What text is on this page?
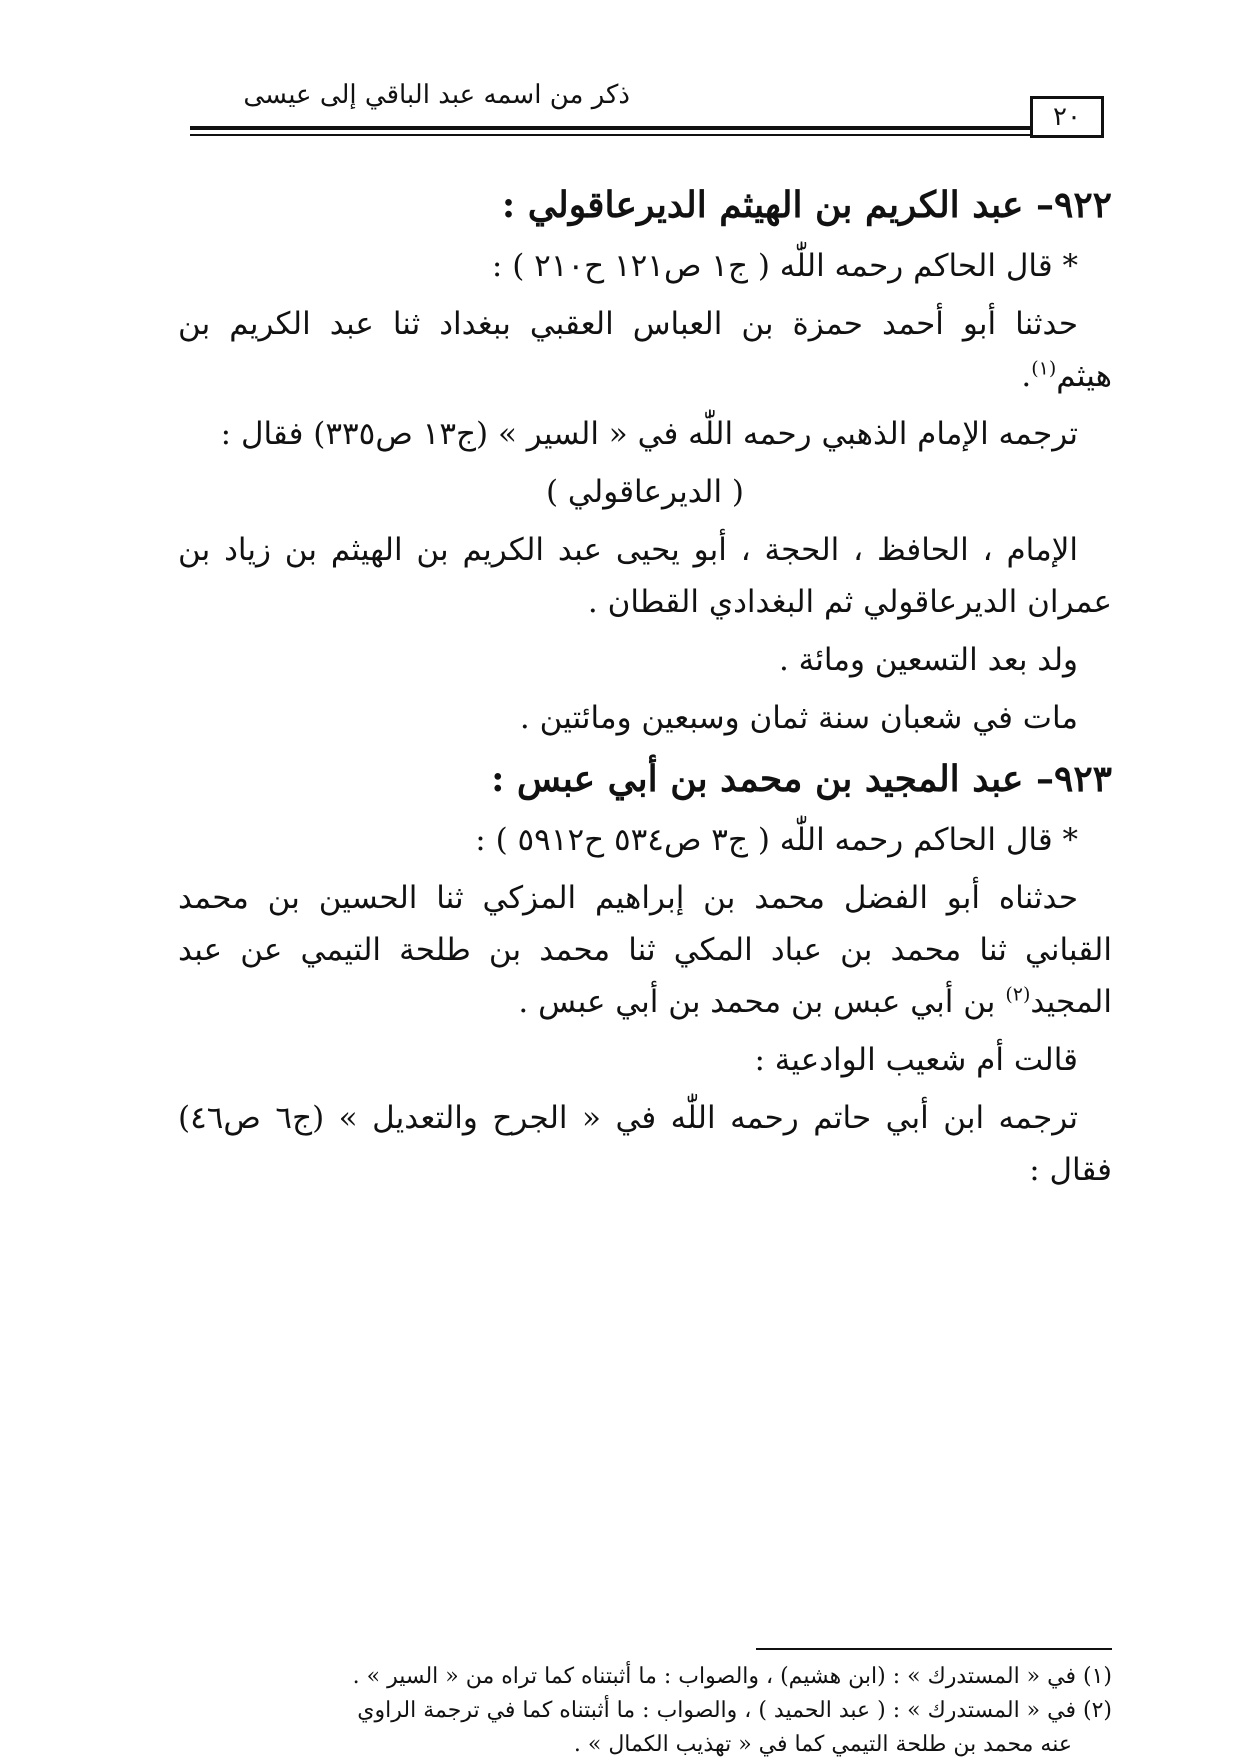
ذكر من اسمه عبد الباقي إلى عيسى
٢٠

٩٢٢– عبد الكريم بن الهيثم الديرعاقولي :

* قال الحاكم رحمه اللّٰه ( ج١ ص١٢١ ح٢١٠ ) :

حدثنا أبو أحمد حمزة بن العباس العقبي ببغداد ثنا عبد الكريم بن هيثم$^{(١)}$.

ترجمه الإمام الذهبي رحمه اللّٰه في « السير » (ج١٣ ص٣٣٥) فقال :

( الديرعاقولي )

الإمام ، الحافظ ، الحجة ، أبو يحيى عبد الكريم بن الهيثم بن زياد بن عمران الديرعاقولي ثم البغدادي القطان .

ولد بعد التسعين ومائة .

مات في شعبان سنة ثمان وسبعين ومائتين .

٩٢٣– عبد المجيد بن محمد بن أبي عبس :

* قال الحاكم رحمه اللّٰه ( ج٣ ص٥٣٤ ح٥٩١٢ ) :

حدثناه أبو الفضل محمد بن إبراهيم المزكي ثنا الحسين بن محمد القباني ثنا محمد بن عباد المكي ثنا محمد بن طلحة التيمي عن عبد المجيد$^{(٢)}$ بن أبي عبس بن محمد بن أبي عبس .

قالت أم شعيب الوادعية :

ترجمه ابن أبي حاتم رحمه اللّٰه في « الجرح والتعديل » (ج٦ ص٤٦) فقال :

(١) في « المستدرك » : (ابن هشيم) ، والصواب : ما أثبتناه كما تراه من « السير » .

(٢) في « المستدرك » : ( عبد الحميد ) ، والصواب : ما أثبتناه كما في ترجمة الراوي

عنه محمد بن طلحة التيمي كما في « تهذيب الكمال » .
